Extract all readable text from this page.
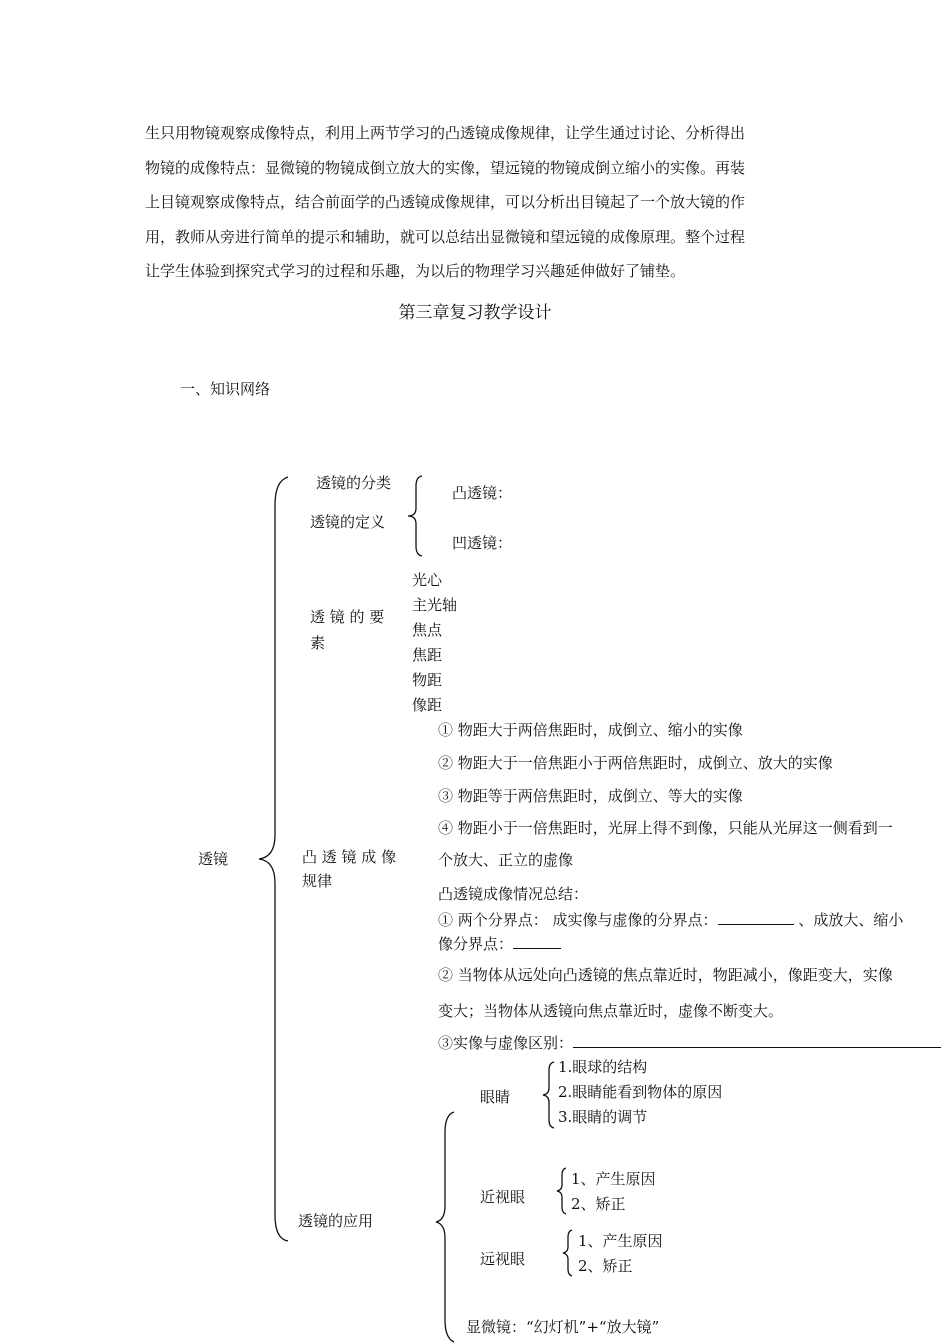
生只用物镜观察成像特点，利用上两节学习的凸透镜成像规律，让学生通过讨论、分析得出
物镜的成像特点：显微镜的物镜成倒立放大的实像，望远镜的物镜成倒立缩小的实像。再装
上目镜观察成像特点，结合前面学的凸透镜成像规律，可以分析出目镜起了一个放大镜的作
用，教师从旁进行简单的提示和辅助，就可以总结出显微镜和望远镜的成像原理。整个过程
让学生体验到探究式学习的过程和乐趣，为以后的物理学习兴趣延伸做好了铺垫。
第三章复习教学设计
一、知识网络
透镜
透镜的分类
透镜的定义
凸透镜：
凹透镜：
透 镜 的 要
素
光心
主光轴
焦点
焦距
物距
像距
凸 透 镜 成 像
规律
① 物距大于两倍焦距时，成倒立、缩小的实像
② 物距大于一倍焦距小于两倍焦距时，成倒立、放大的实像
③ 物距等于两倍焦距时，成倒立、等大的实像
④ 物距小于一倍焦距时，光屏上得不到像，只能从光屏这一侧看到一
个放大、正立的虚像
凸透镜成像情况总结：
① 两个分界点： 成实像与虚像的分界点：	、成放大、缩小
像分界点：
② 当物体从远处向凸透镜的焦点靠近时，物距减小，像距变大，实像
变大；当物体从透镜向焦点靠近时，虚像不断变大。
③实像与虚像区别：
透镜的应用
眼睛
1.眼球的结构
2.眼睛能看到物体的原因
3.眼睛的调节
近视眼
1、产生原因
2、矫正
远视眼
1、产生原因
2、矫正
显微镜：“幻灯机”+“放大镜”
